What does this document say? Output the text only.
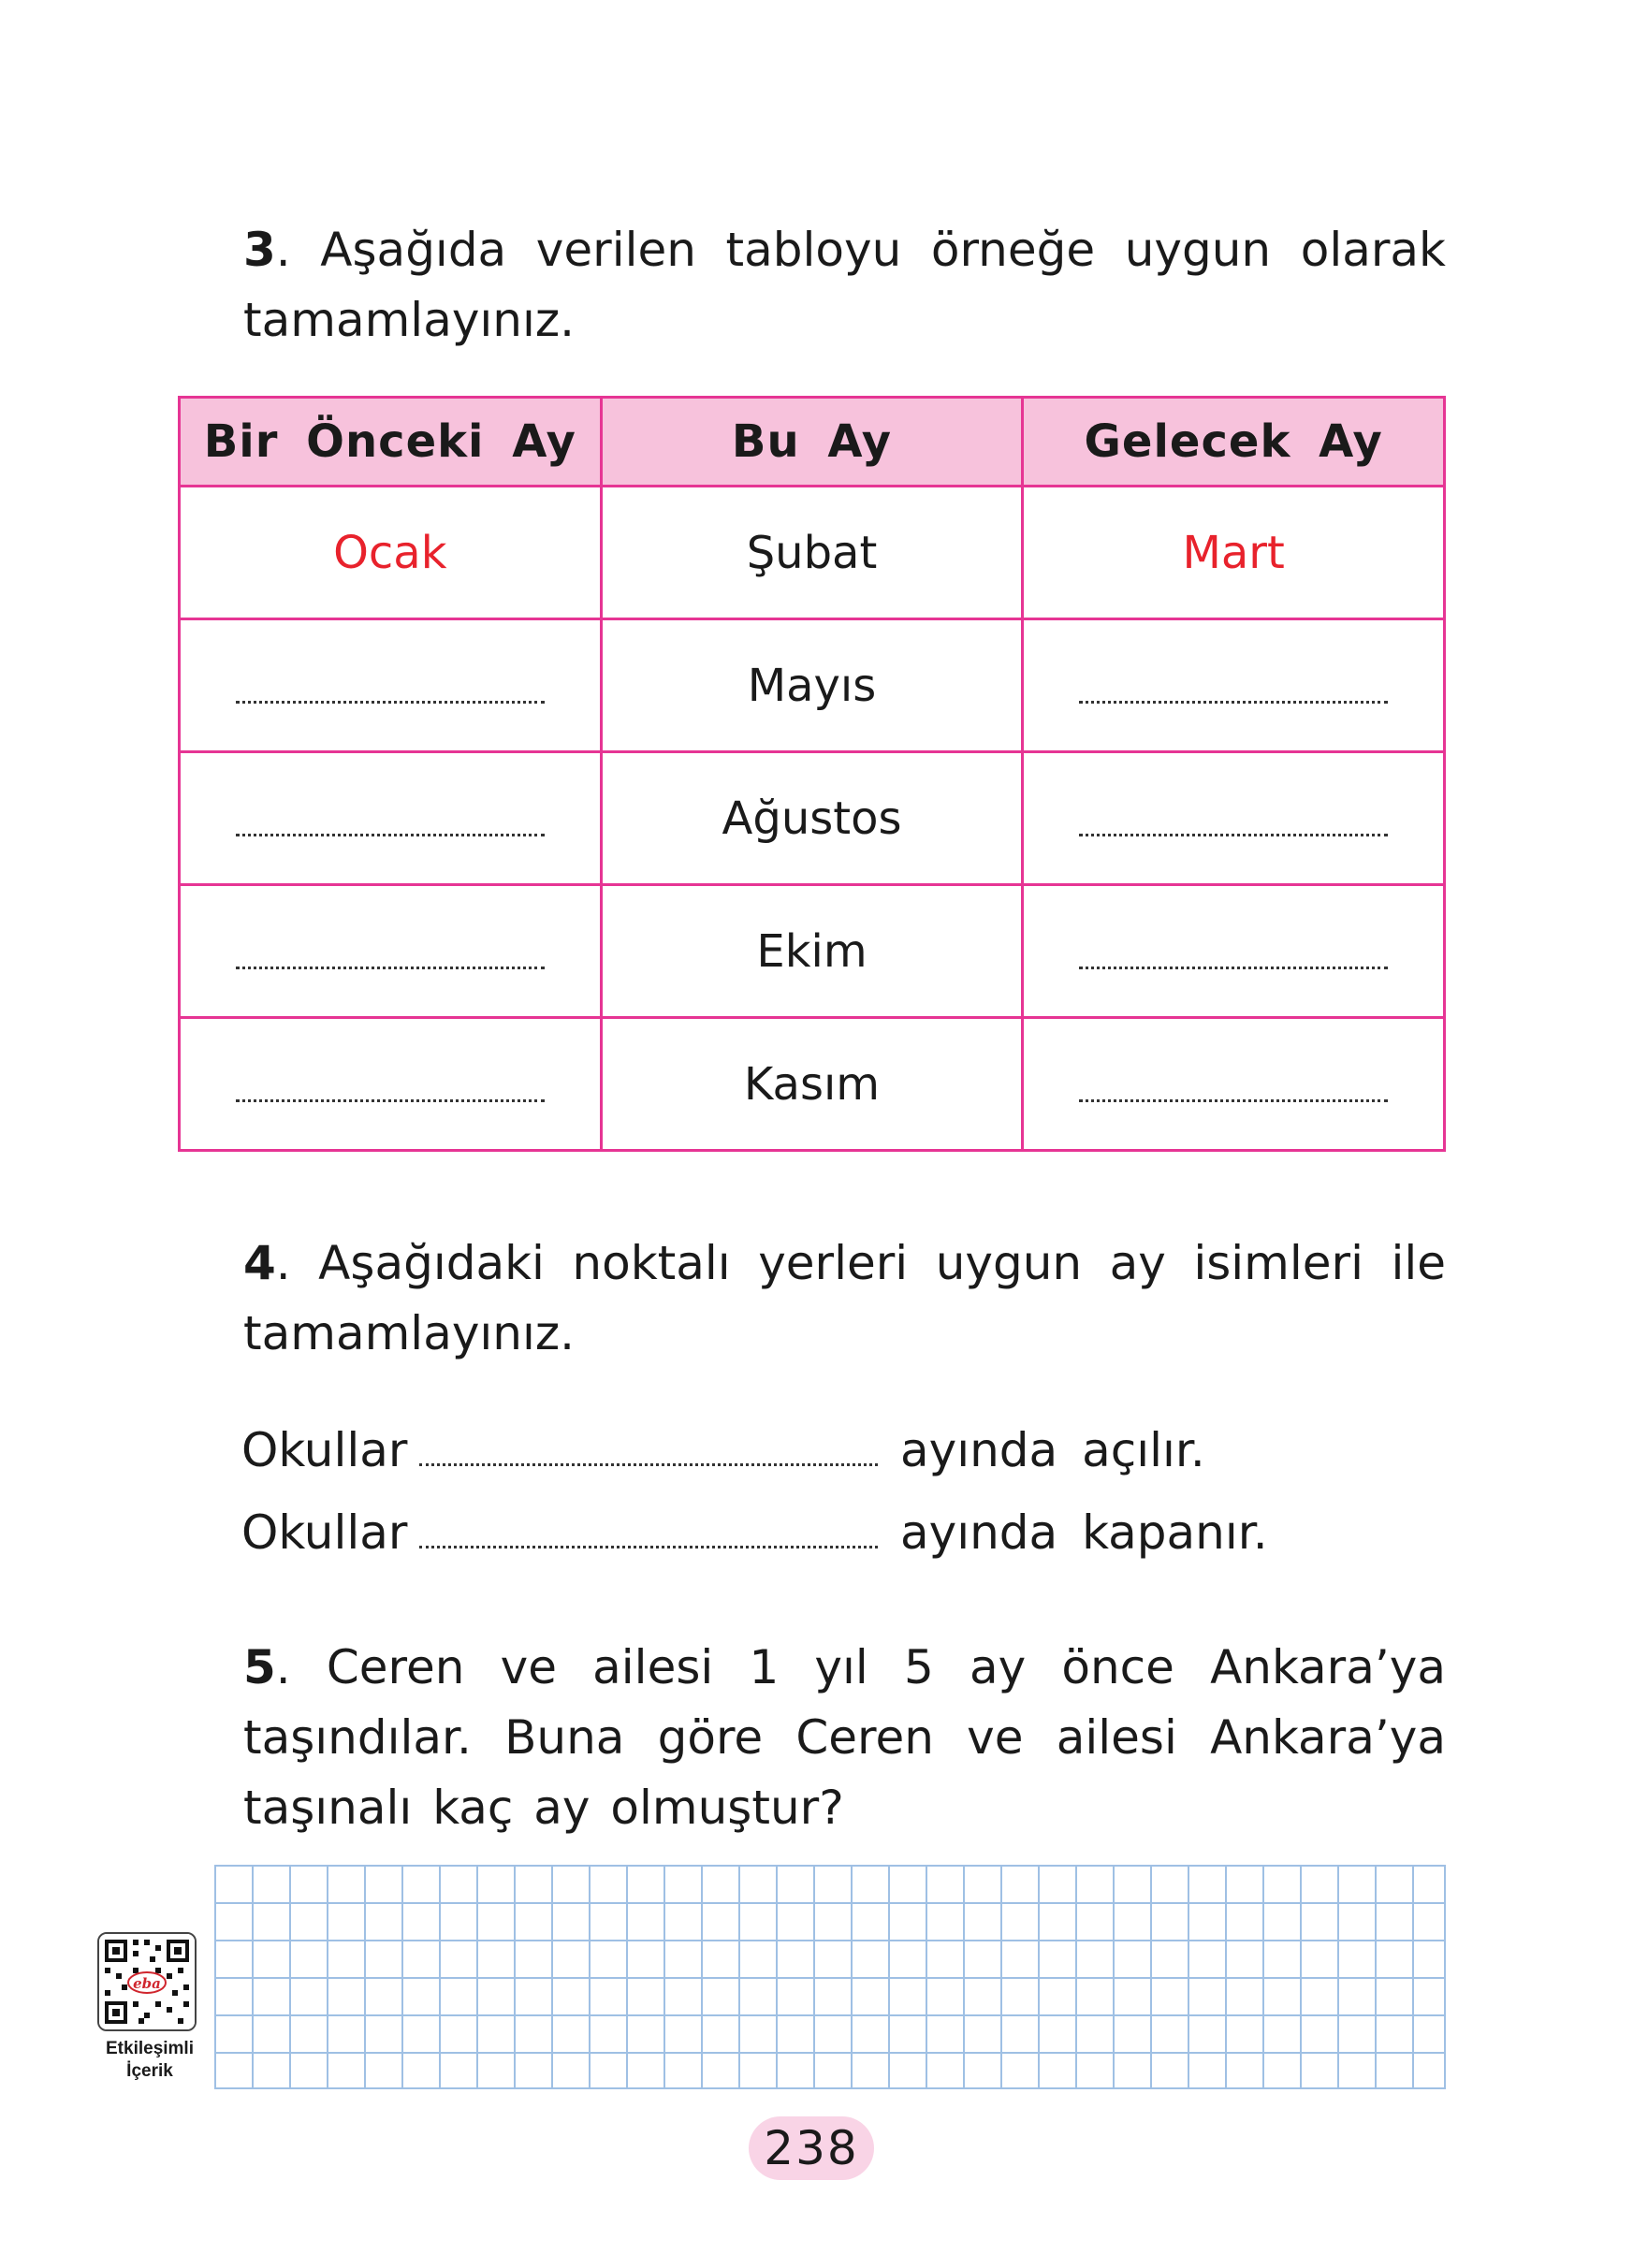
3. Aşağıda verilen tabloyu örneğe uygun olarak tamamlayınız.
Bir Önceki Ay	Bu Ay	Gelecek Ay
Ocak	Şubat	Mart
	Mayıs	
	Ağustos	
	Ekim	
	Kasım	
4. Aşağıdaki noktalı yerleri uygun ay isimleri ile tamamlayınız.
Okullar	ayında açılır.
Okullar	ayında kapanır.
5. Ceren ve ailesi 1 yıl 5 ay önce Ankara’ya taşındılar. Buna göre Ceren ve ailesi Ankara’ya taşınalı kaç ay olmuştur?
eba
Etkileşimli
İçerik
238
